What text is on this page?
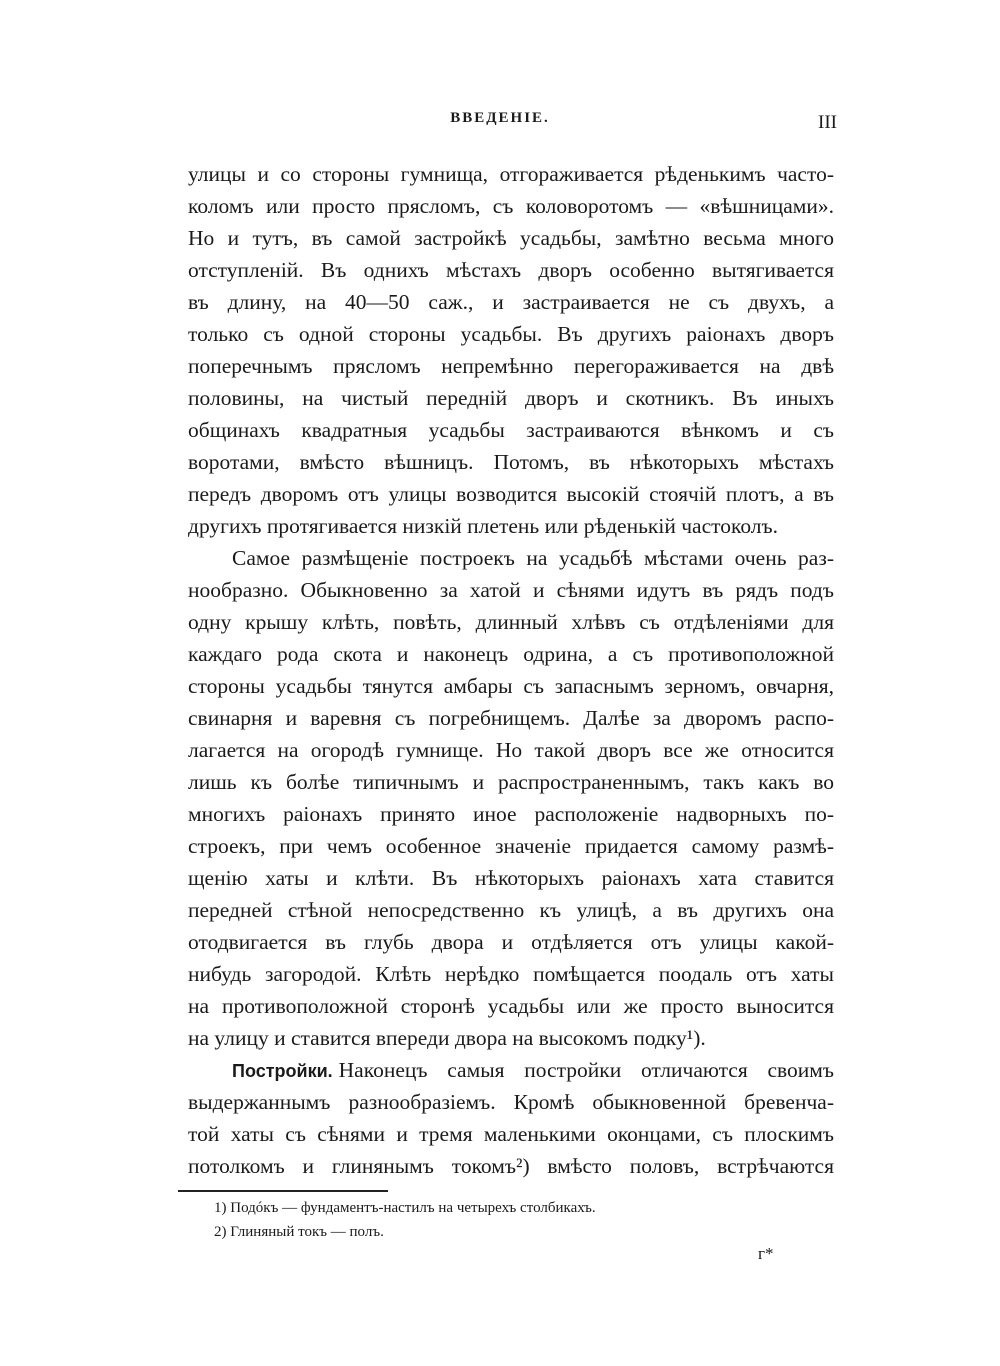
ВВЕДЕНІЕ.	III
улицы и со стороны гумнища, отгораживается рѣденькимъ часто-
коломъ или просто прясломъ, съ коловоротомъ — «вѣшницами».
Но и тутъ, въ самой застройкѣ усадьбы, замѣтно весьма много
отступленій. Въ однихъ мѣстахъ дворъ особенно вытягивается
въ длину, на 40—50 саж., и застраивается не съ двухъ, а
только съ одной стороны усадьбы. Въ другихъ раіонахъ дворъ
поперечнымъ прясломъ непремѣнно перегораживается на двѣ
половины, на чистый передній дворъ и скотникъ. Въ иныхъ
общинахъ квадратныя усадьбы застраиваются вѣнкомъ и съ
воротами, вмѣсто вѣшницъ. Потомъ, въ нѣкоторыхъ мѣстахъ
передъ дворомъ отъ улицы возводится высокій стоячій плотъ, а въ
другихъ протягивается низкій плетень или рѣденькій частоколъ.
Самое размѣщеніе построекъ на усадьбѣ мѣстами очень раз-
нообразно. Обыкновенно за хатой и сѣнями идутъ въ рядъ подъ
одну крышу клѣть, повѣть, длинный хлѣвъ съ отдѣленіями для
каждаго рода скота и наконецъ одрина, а съ противоположной
стороны усадьбы тянутся амбары съ запаснымъ зерномъ, овчарня,
свинарня и варевня съ погребнищемъ. Далѣе за дворомъ распо-
лагается на огородѣ гумнище. Но такой дворъ все же относится
лишь къ болѣе типичнымъ и распространеннымъ, такъ какъ во
многихъ раіонахъ принято иное расположеніе надворныхъ по-
строекъ, при чемъ особенное значеніе придается самому размѣ-
щенію хаты и клѣти. Въ нѣкоторыхъ раіонахъ хата ставится
передней стѣной непосредственно къ улицѣ, а въ другихъ она
отодвигается въ глубь двора и отдѣляется отъ улицы какой-
нибудь загородой. Клѣть нерѣдко помѣщается поодаль отъ хаты
на противоположной сторонѣ усадьбы или же просто выносится
на улицу и ставится впереди двора на высокомъ подку¹).
Постройки. Наконецъ самыя постройки отличаются своимъ
выдержаннымъ разнообразіемъ. Кромѣ обыкновенной бревенча-
той хаты съ сѣнями и тремя маленькими оконцами, съ плоскимъ
потолкомъ и глинянымъ токомъ²) вмѣсто половъ, встрѣчаются
1) Подóкъ — фундаментъ-настилъ на четырехъ столбикахъ.
2) Глиняный токъ — полъ.
г*
